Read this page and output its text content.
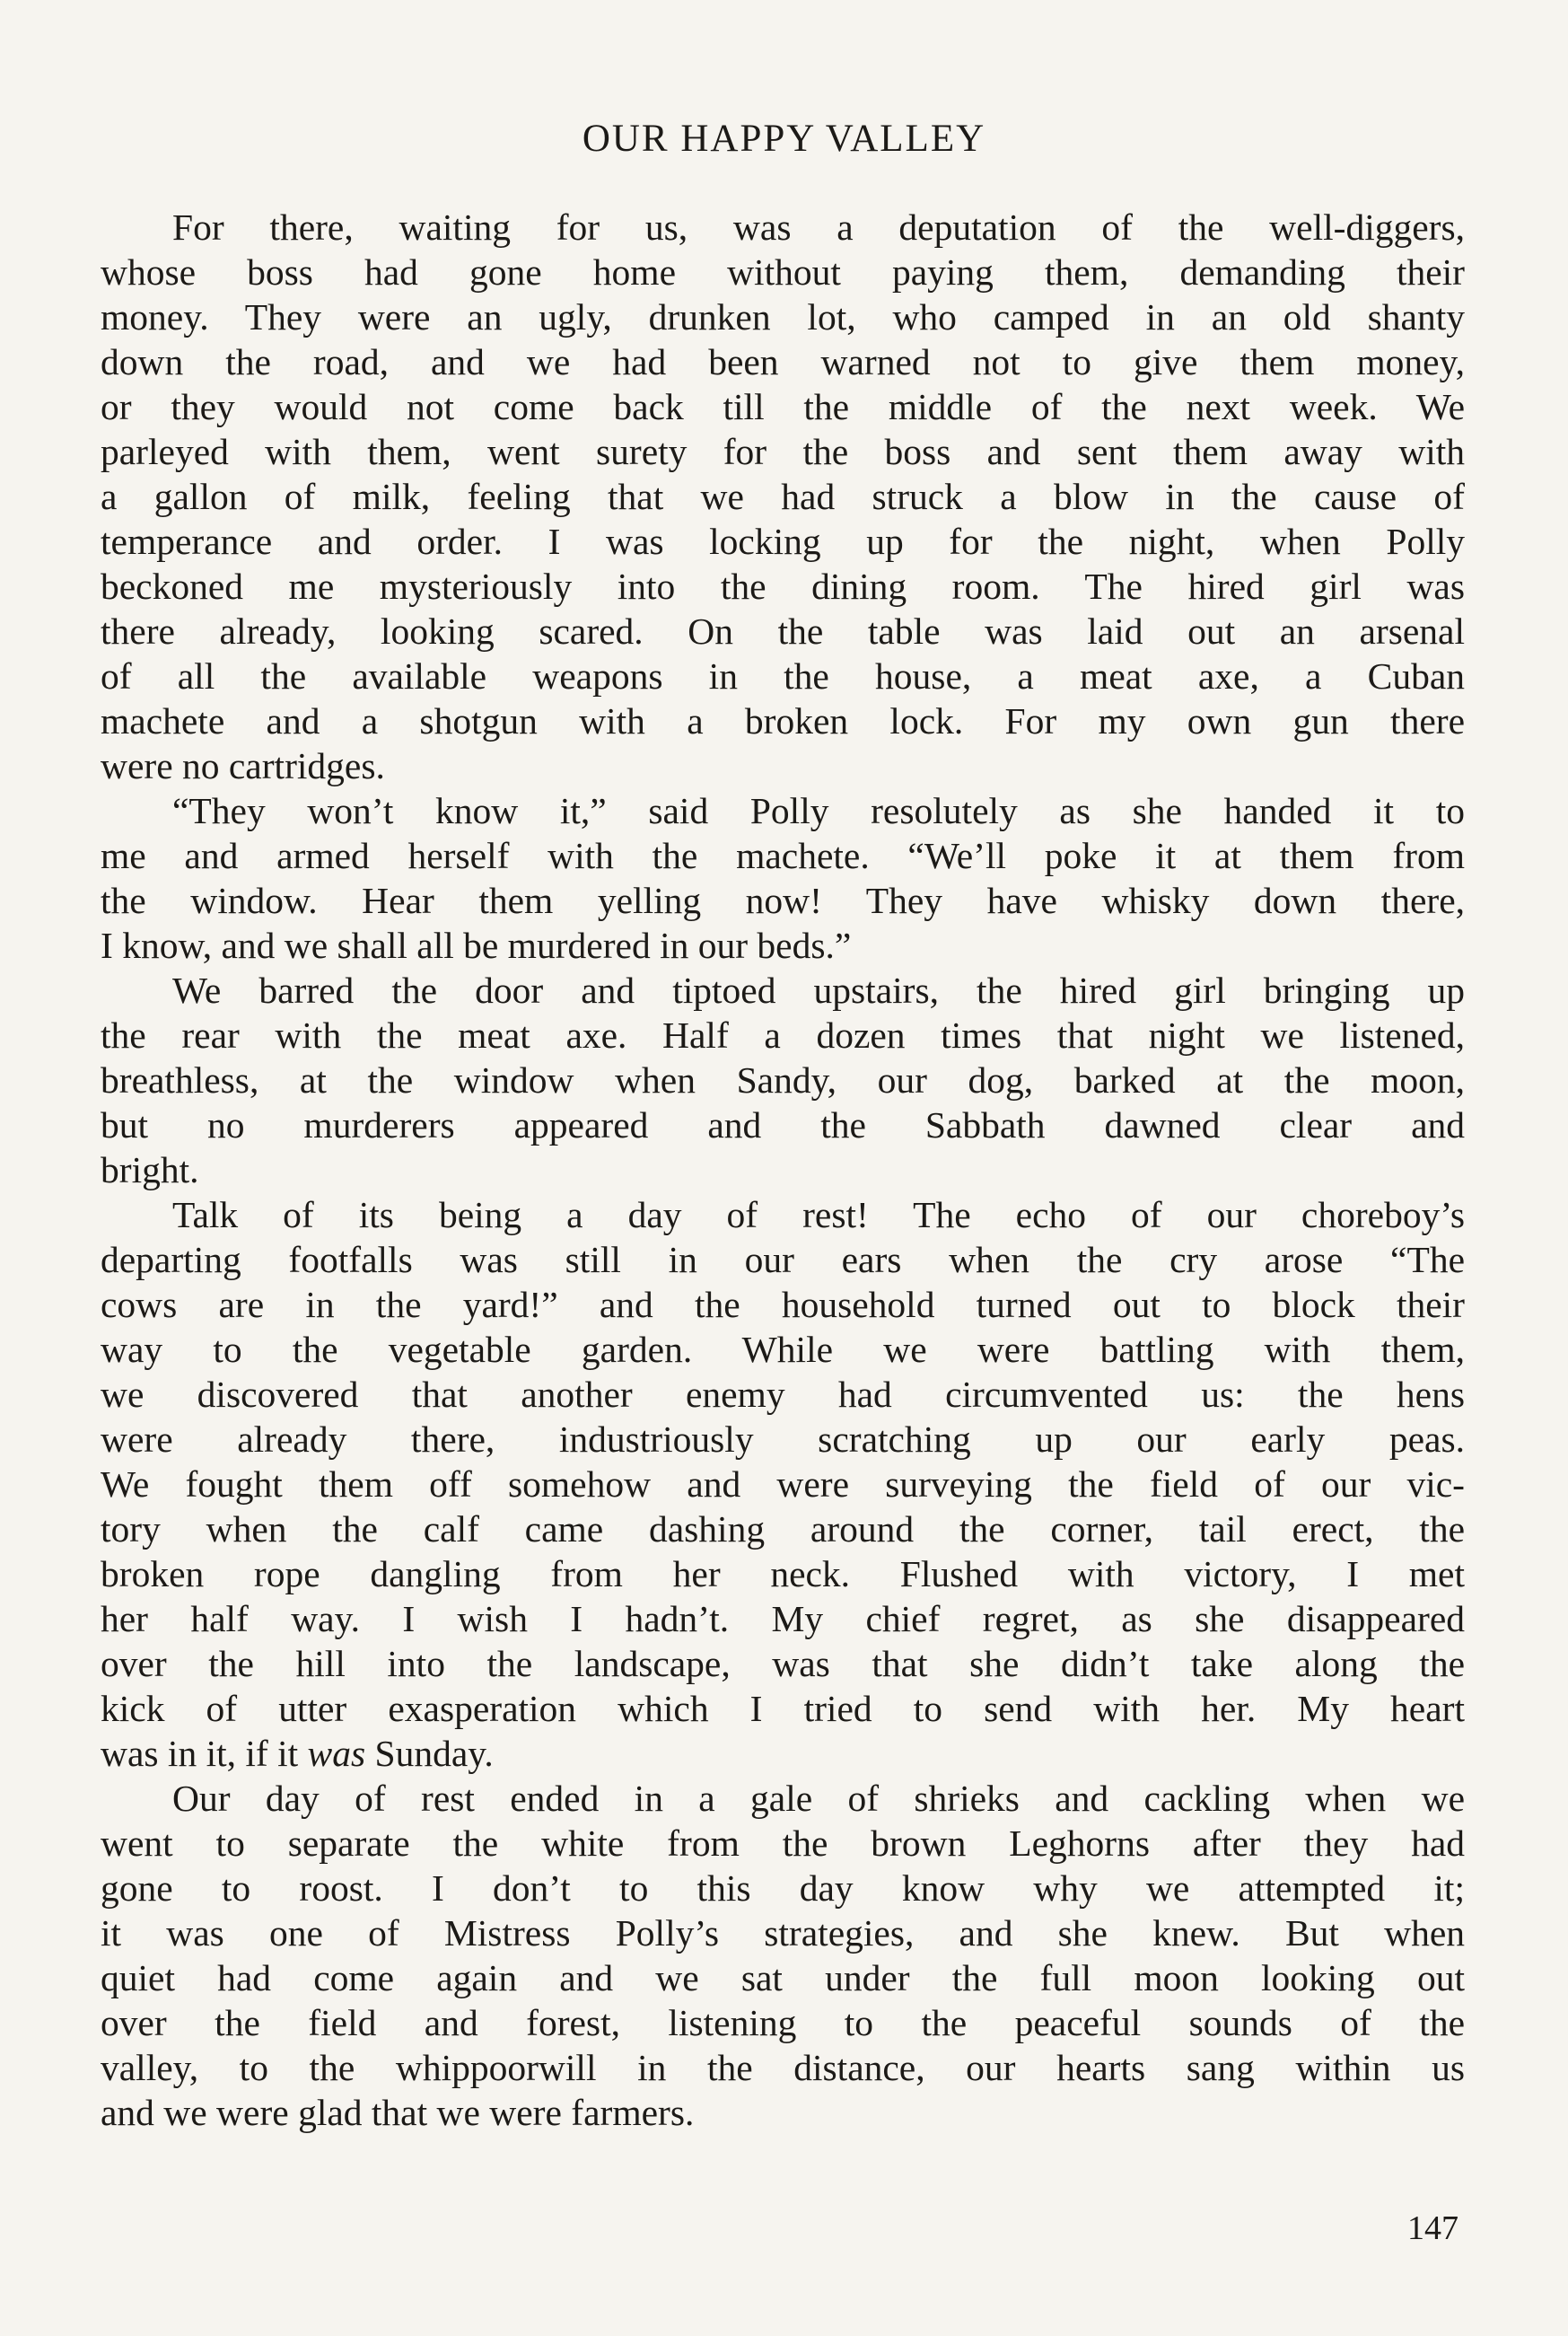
OUR HAPPY VALLEY
For there, waiting for us, was a deputation of the well-diggers,
whose boss had gone home without paying them, demanding their
money. They were an ugly, drunken lot, who camped in an old shanty
down the road, and we had been warned not to give them money,
or they would not come back till the middle of the next week. We
parleyed with them, went surety for the boss and sent them away with
a gallon of milk, feeling that we had struck a blow in the cause of
temperance and order. I was locking up for the night, when Polly
beckoned me mysteriously into the dining room. The hired girl was
there already, looking scared. On the table was laid out an arsenal
of all the available weapons in the house, a meat axe, a Cuban
machete and a shotgun with a broken lock. For my own gun there
were no cartridges.
“They won’t know it,” said Polly resolutely as she handed it to
me and armed herself with the machete. “We’ll poke it at them from
the window. Hear them yelling now! They have whisky down there,
I know, and we shall all be murdered in our beds.”
We barred the door and tiptoed upstairs, the hired girl bringing up
the rear with the meat axe. Half a dozen times that night we listened,
breathless, at the window when Sandy, our dog, barked at the moon,
but no murderers appeared and the Sabbath dawned clear and
bright.
Talk of its being a day of rest! The echo of our choreboy’s
departing footfalls was still in our ears when the cry arose “The
cows are in the yard!” and the household turned out to block their
way to the vegetable garden. While we were battling with them,
we discovered that another enemy had circumvented us: the hens
were already there, industriously scratching up our early peas.
We fought them off somehow and were surveying the field of our vic-
tory when the calf came dashing around the corner, tail erect, the
broken rope dangling from her neck. Flushed with victory, I met
her half way. I wish I hadn’t. My chief regret, as she disappeared
over the hill into the landscape, was that she didn’t take along the
kick of utter exasperation which I tried to send with her. My heart
was in it, if it was Sunday.
Our day of rest ended in a gale of shrieks and cackling when we
went to separate the white from the brown Leghorns after they had
gone to roost. I don’t to this day know why we attempted it;
it was one of Mistress Polly’s strategies, and she knew. But when
quiet had come again and we sat under the full moon looking out
over the field and forest, listening to the peaceful sounds of the
valley, to the whippoorwill in the distance, our hearts sang within us
and we were glad that we were farmers.
147
